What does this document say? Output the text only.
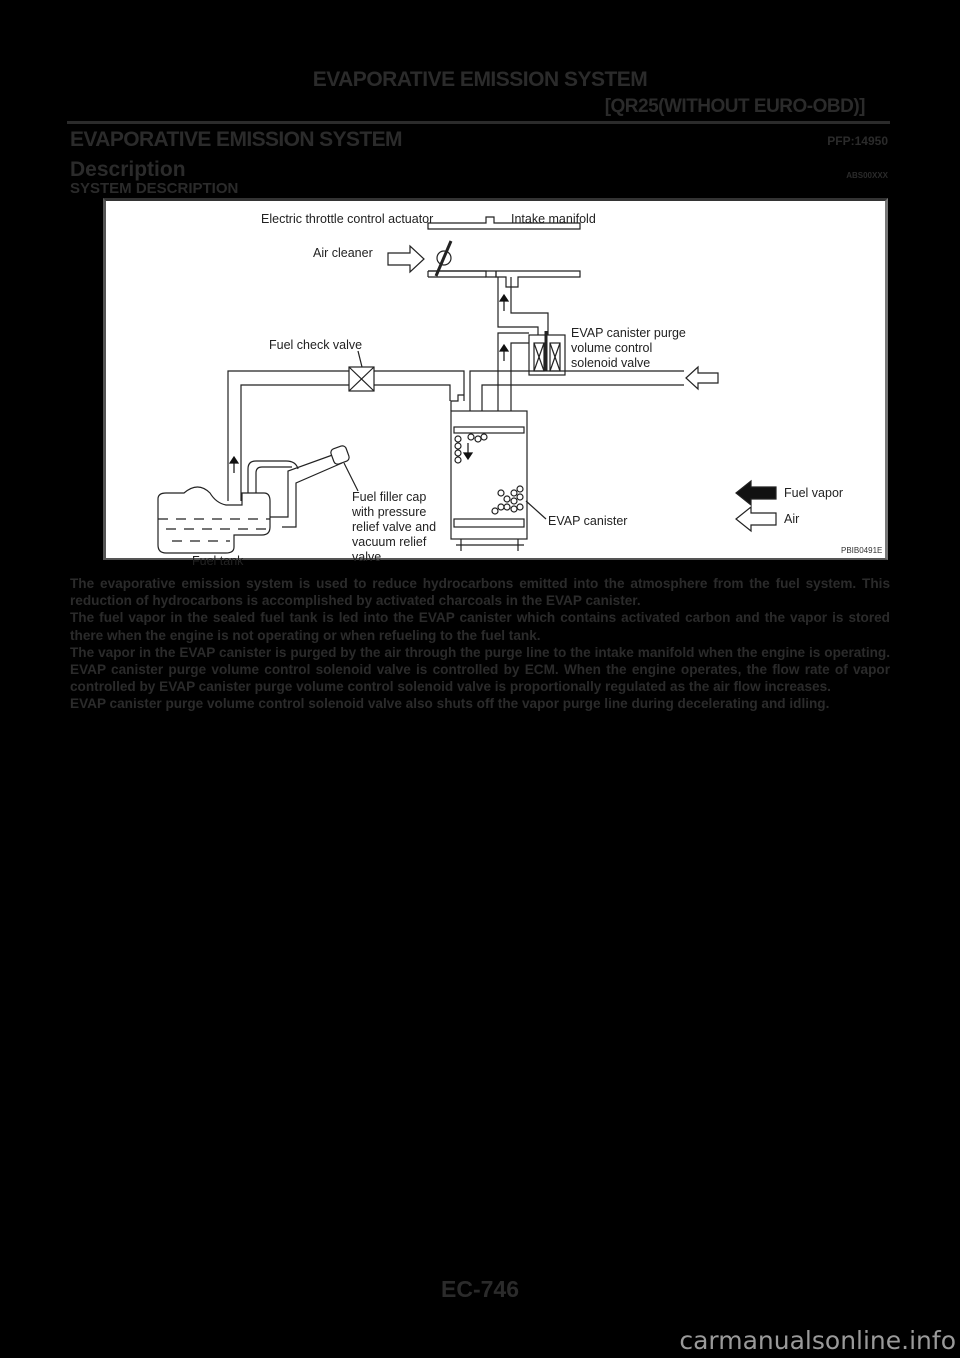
EVAPORATIVE EMISSION SYSTEM
[QR25(WITHOUT EURO-OBD)]
EVAPORATIVE EMISSION SYSTEM	PFP:14950
Description	ABS00XXX
SYSTEM DESCRIPTION
Electric throttle control actuator	Intake manifold
Air cleaner
Fuel check valve
EVAP canister purge
volume control
solenoid valve
Fuel filler cap
with pressure
relief valve and
vacuum relief
valve
EVAP canister
Fuel tank
Fuel vapor
Air
PBIB0491E

The evaporative emission system is used to reduce hydrocarbons emitted into the atmosphere from the fuel system. This reduction of hydrocarbons is accomplished by activated charcoals in the EVAP canister.

The fuel vapor in the sealed fuel tank is led into the EVAP canister which contains activated carbon and the vapor is stored there when the engine is not operating or when refueling to the fuel tank.

The vapor in the EVAP canister is purged by the air through the purge line to the intake manifold when the engine is operating. EVAP canister purge volume control solenoid valve is controlled by ECM. When the engine operates, the flow rate of vapor controlled by EVAP canister purge volume control solenoid valve is proportionally regulated as the air flow increases.

EVAP canister purge volume control solenoid valve also shuts off the vapor purge line during decelerating and idling.

EC-746
carmanualsonline.info
